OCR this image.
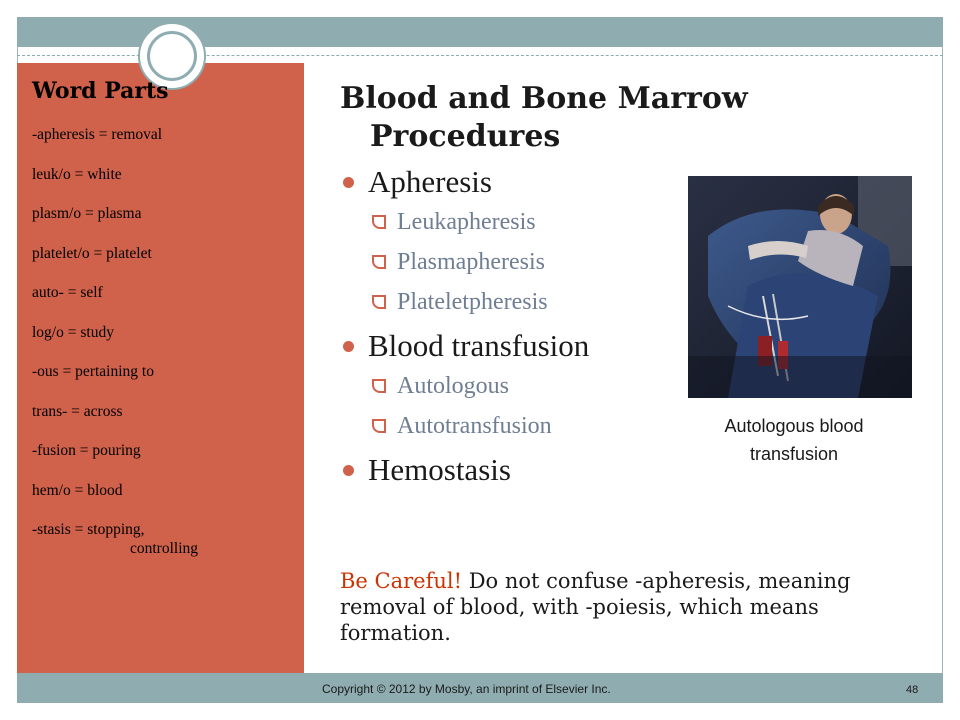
Word Parts
-apheresis = removal
leuk/o = white
plasm/o = plasma
platelet/o = platelet
auto- = self
log/o = study
-ous = pertaining to
trans- = across
-fusion = pouring
hem/o = blood
-stasis = stopping,
controlling
Blood and Bone Marrow
Procedures
Apheresis
Leukapheresis
Plasmapheresis
Plateletpheresis
Blood transfusion
Autologous
Autotransfusion
Hemostasis
Autologous blood
transfusion
Be Careful! Do not confuse -apheresis, meaning removal of blood, with -poiesis, which means formation.
Copyright © 2012 by Mosby, an imprint of Elsevier Inc.	48
